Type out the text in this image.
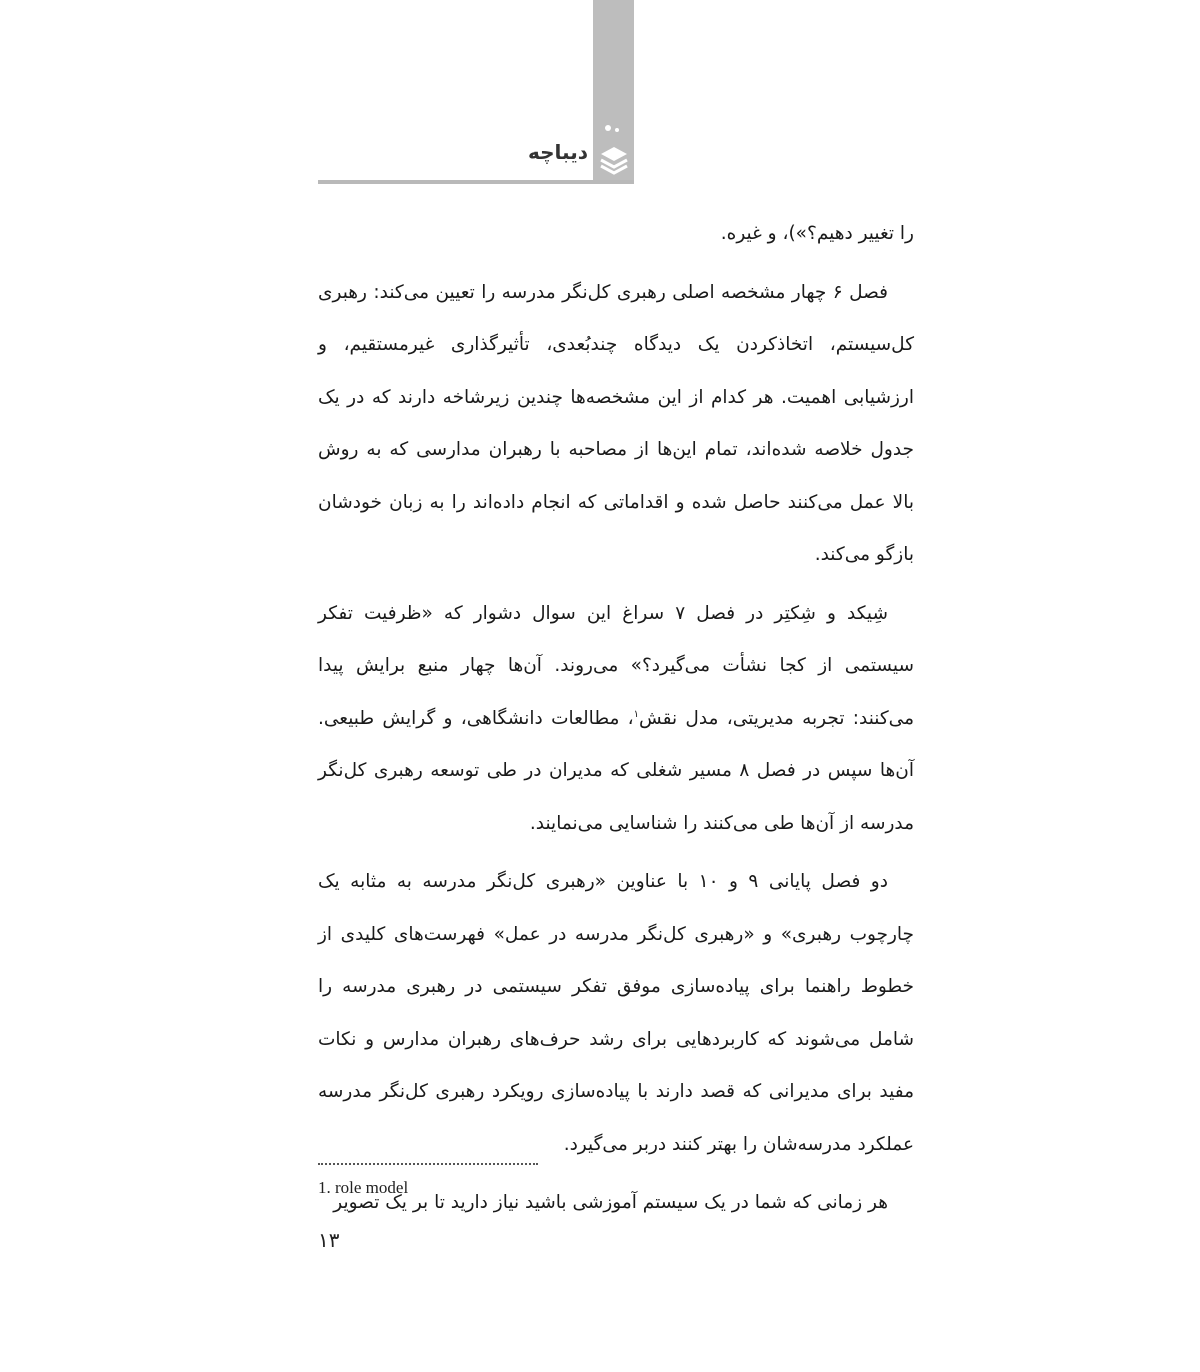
دیباچه

را تغییر دهیم؟»)، و غیره.

فصل ۶ چهار مشخصه اصلی رهبری کل‌نگر مدرسه را تعیین می‌کند: رهبری کل‌سیستم، اتخاذکردن یک دیدگاه چندبُعدی، تأثیرگذاری غیرمستقیم، و ارزشیابی اهمیت. هر کدام از این مشخصه‌ها چندین زیرشاخه دارند که در یک جدول خلاصه شده‌اند، تمام این‌ها از مصاحبه با رهبران مدارسی که به روش بالا عمل می‌کنند حاصل شده و اقداماتی که انجام داده‌اند را به زبان خودشان بازگو می‌کند.

شِیکد و شِکتِر در فصل ۷ سراغ این سوال دشوار که «ظرفیت تفکر سیستمی از کجا نشأت می‌گیرد؟» می‌روند. آن‌ها چهار منبع برایش پیدا می‌کنند: تجربه مدیریتی، مدل نقش$^١$، مطالعات دانشگاهی، و گرایش طبیعی. آن‌ها سپس در فصل ۸ مسیر شغلی که مدیران در طی توسعه رهبری کل‌نگر مدرسه از آن‌ها طی می‌کنند را شناسایی می‌نمایند.

دو فصل پایانی ۹ و ۱۰ با عناوین «رهبری کل‌نگر مدرسه به مثابه یک چارچوب رهبری» و «رهبری کل‌نگر مدرسه در عمل» فهرست‌های کلیدی از خطوط راهنما برای پیاده‌سازی موفق تفکر سیستمی در رهبری مدرسه را شامل می‌شوند که کاربردهایی برای رشد حرف‌های رهبران مدارس و نکات مفید برای مدیرانی که قصد دارند با پیاده‌سازی رویکرد رهبری کل‌نگر مدرسه عملکرد مدرسه‌شان را بهتر کنند دربر می‌گیرد.

هر زمانی که شما در یک سیستم آموزشی باشید نیاز دارید تا بر یک تصویر

1. role model
۱۳
